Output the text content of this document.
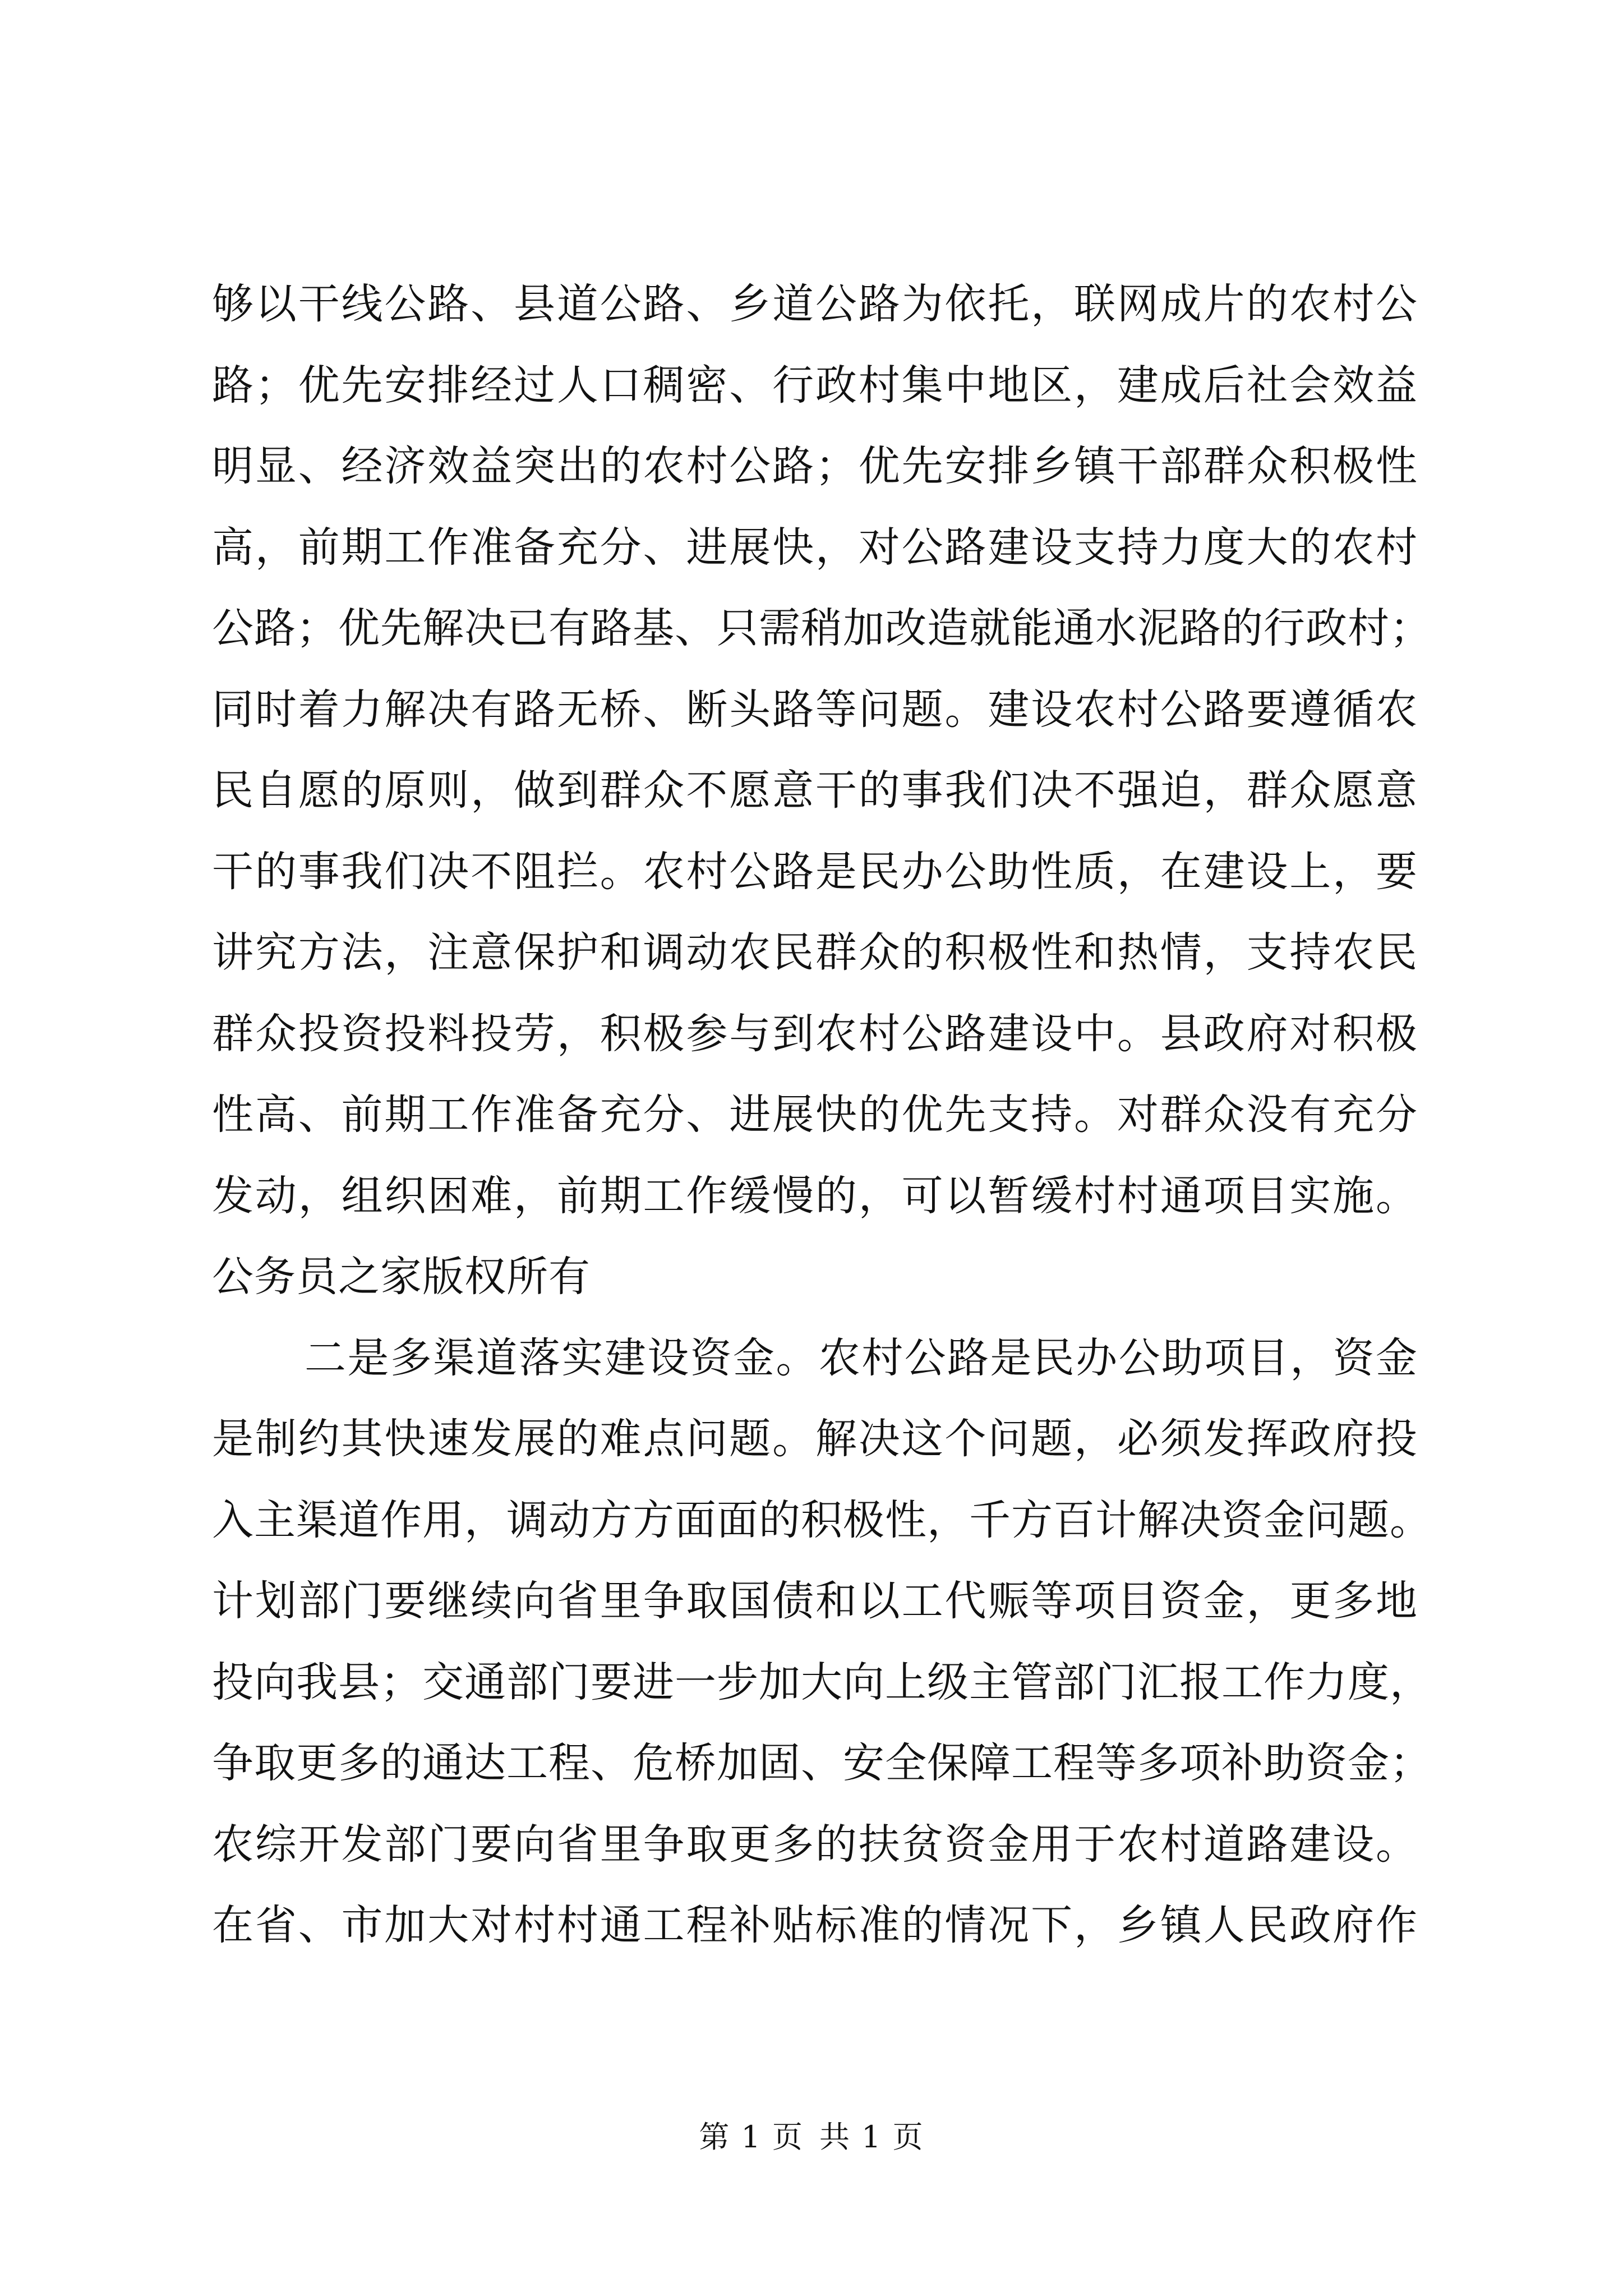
够以干线公路、县道公路、乡道公路为依托，联网成片的农村公
路；优先安排经过人口稠密、行政村集中地区，建成后社会效益
明显、经济效益突出的农村公路；优先安排乡镇干部群众积极性
高，前期工作准备充分、进展快，对公路建设支持力度大的农村
公路；优先解决已有路基、只需稍加改造就能通水泥路的行政村；
同时着力解决有路无桥、断头路等问题。建设农村公路要遵循农
民自愿的原则，做到群众不愿意干的事我们决不强迫，群众愿意
干的事我们决不阻拦。农村公路是民办公助性质，在建设上，要
讲究方法，注意保护和调动农民群众的积极性和热情，支持农民
群众投资投料投劳，积极参与到农村公路建设中。县政府对积极
性高、前期工作准备充分、进展快的优先支持。对群众没有充分
发动，组织困难，前期工作缓慢的，可以暂缓村村通项目实施。
公务员之家版权所有
二是多渠道落实建设资金。农村公路是民办公助项目，资金
是制约其快速发展的难点问题。解决这个问题，必须发挥政府投
入主渠道作用，调动方方面面的积极性，千方百计解决资金问题。
计划部门要继续向省里争取国债和以工代赈等项目资金，更多地
投向我县；交通部门要进一步加大向上级主管部门汇报工作力度，
争取更多的通达工程、危桥加固、安全保障工程等多项补助资金；
农综开发部门要向省里争取更多的扶贫资金用于农村道路建设。
在省、市加大对村村通工程补贴标准的情况下，乡镇人民政府作
第 1 页 共 1 页
